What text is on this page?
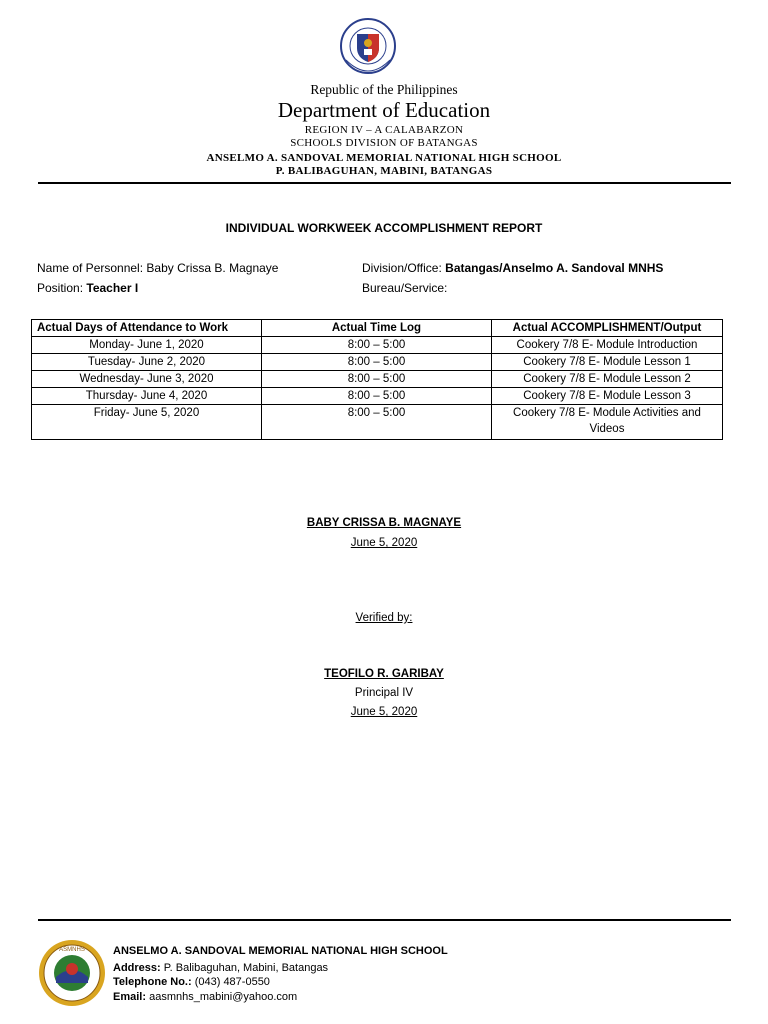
Republic of the Philippines
Department of Education
REGION IV – A CALABARZON
SCHOOLS DIVISION OF BATANGAS
ANSELMO A. SANDOVAL MEMORIAL NATIONAL HIGH SCHOOL
P. BALIBAGUHAN, MABINI, BATANGAS
INDIVIDUAL WORKWEEK ACCOMPLISHMENT REPORT
Name of Personnel: Baby Crissa B. Magnaye
Position: Teacher I
Division/Office: Batangas/Anselmo A. Sandoval MNHS
Bureau/Service:
Actual Days of Attendance to Work	Actual Time Log	Actual ACCOMPLISHMENT/Output
Monday- June 1, 2020	8:00 – 5:00	Cookery 7/8 E- Module Introduction
Tuesday- June 2, 2020	8:00 – 5:00	Cookery 7/8 E- Module Lesson 1
Wednesday- June 3, 2020	8:00 – 5:00	Cookery 7/8 E- Module Lesson 2
Thursday- June 4, 2020	8:00 – 5:00	Cookery 7/8 E- Module Lesson 3
Friday- June 5, 2020	8:00 – 5:00	Cookery 7/8 E- Module Activities and Videos
BABY CRISSA B. MAGNAYE
June 5, 2020
Verified by:
TEOFILO R. GARIBAY
Principal IV
June 5, 2020
ASMNHS	ANSELMO A. SANDOVAL MEMORIAL NATIONAL HIGH SCHOOL
Address: P. Balibaguhan, Mabini, Batangas
Telephone No.: (043) 487-0550
Email: aasmnhs_mabini@yahoo.com
